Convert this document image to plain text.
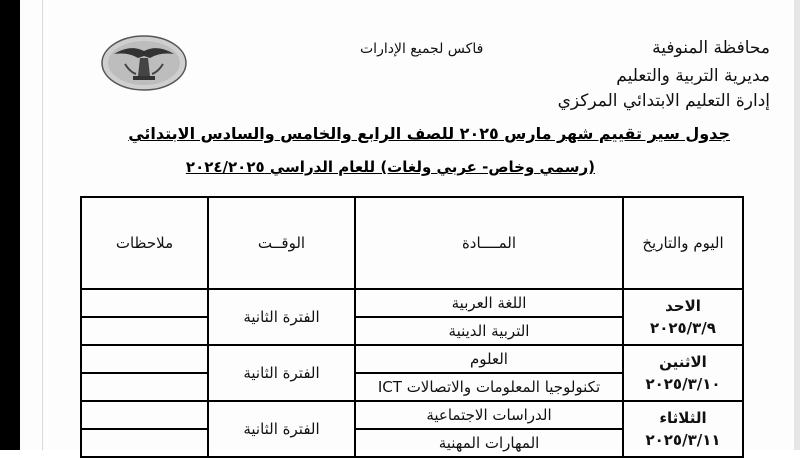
محافظة المنوفية
مديرية التربية والتعليم
إدارة التعليم الابتدائي المركزي
فاكس لجميع الإدارات
جدول سير تقييم شهر مارس ٢٠٢٥ للصف الرابع والخامس والسادس الابتدائي
(رسمي وخاص- عربي ولغات) للعام الدراسي ٢٠٢٤/٢٠٢٥
اليوم والتاريخ	المــــادة	الوقــت	ملاحظات

الاحد
٢٠٢٥/٣/٩	اللغة العربية	الفترة الثانية	
	التربية الدينية		

الاثنين
٢٠٢٥/٣/١٠	العلوم	الفترة الثانية	
	تكنولوجيا المعلومات والاتصالات ICT		

الثلاثاء
٢٠٢٥/٣/١١	الدراسات الاجتماعية	الفترة الثانية	
	المهارات المهنية		
